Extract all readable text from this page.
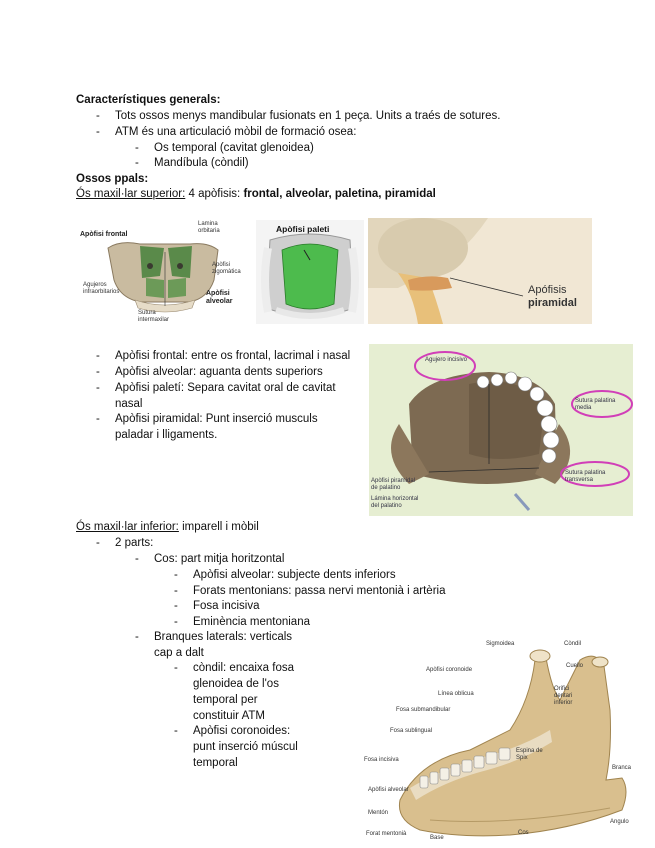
Característiques generals:
- Tots ossos menys mandibular fusionats en 1 peça. Units a traés de sotures.
- ATM és una articulació mòbil de formació osea:
- Os temporal (cavitat glenoidea)
- Mandíbula (còndil)
Ossos ppals:
Ós maxil·lar superior: 4 apòfisis: frontal, alveolar, paletina, piramidal
Apòfisi frontal
Lamina orbitaria
Apòfisi zigomàtica
Agujeros infraorbitarios	Apòfisi alveolar
Sutura intermaxilar
Apòfisi paleti
Apófisis
piramidal
- Apòfisi frontal: entre os frontal, lacrimal i nasal
- Apòfisi alveolar: aguanta dents superiors
- Apòfisi paletí: Separa cavitat oral de cavitat nasal
- Apòfisi piramidal: Punt inserció musculs paladar i lligaments.
Agujero incisivo
Sutura palatina media
Sutura palatina transversa
Apòfisi piramidal de palatino
Lámina horizontal del palatino
Ós maxil·lar inferior: imparell i mòbil
- 2 parts:
- Cos: part mitja horitzontal
- Apòfisi alveolar: subjecte dents inferiors
- Forats mentonians: passa nervi mentonià i artèria
- Fosa incisiva
- Eminència mentoniana
- Branques laterals: verticals cap a dalt
- còndil: encaixa fosa glenoidea de l'os temporal per constituir ATM
- Apòfisi coronoides: punt inserció múscul temporal
Sigmoidea	Còndil
Apòfisi coronoide
Cuello
Línea oblicua
Fosa submandibular
Orifici dentari inferior
Fosa sublingual
Espina de Spix
Fosa incisiva
Apòfisi alveolar
Branca
Mentón
Angulo
Forat mentonià
Base
Cos
